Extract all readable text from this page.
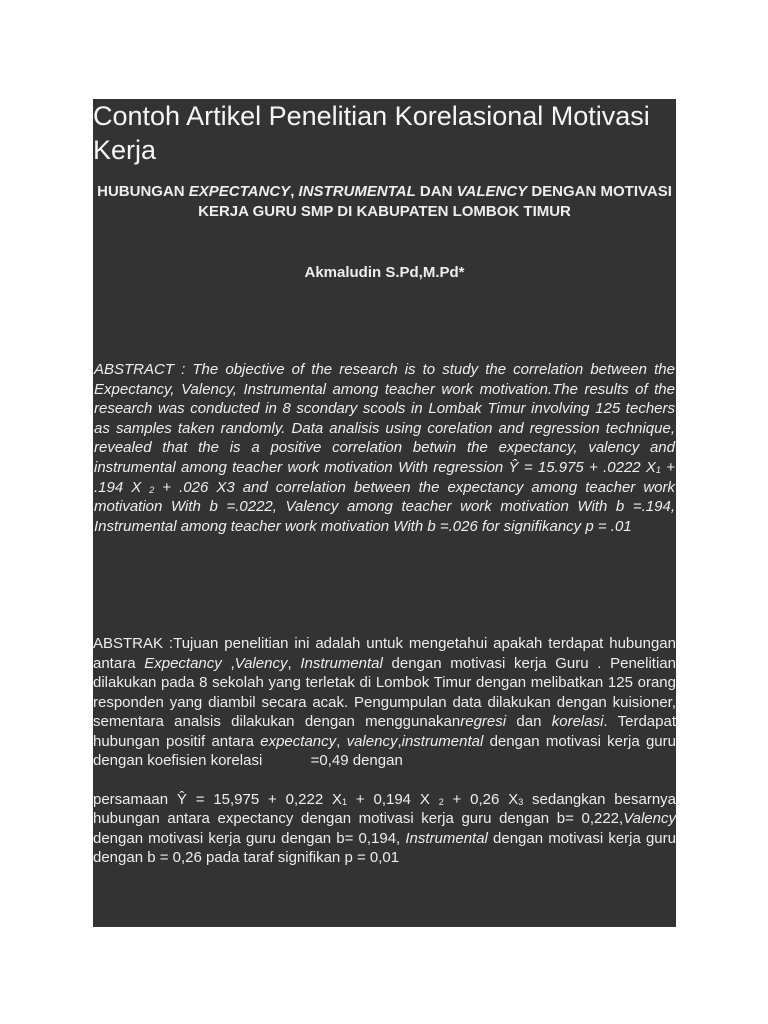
Contoh Artikel Penelitian Korelasional Motivasi Kerja
HUBUNGAN EXPECTANCY, INSTRUMENTAL DAN VALENCY DENGAN MOTIVASI KERJA GURU SMP DI KABUPATEN LOMBOK TIMUR
Akmaludin S.Pd,M.Pd*
ABSTRACT : The objective of the research is to study the correlation between the Expectancy, Valency, Instrumental among teacher work motivation.The results of the research was conducted in 8 scondary scools in Lombak Timur involving 125 techers as samples taken randomly. Data analisis using corelation and regression technique, revealed that the is a positive correlation betwin the expectancy, valency and instrumental among teacher work motivation With regression Ŷ = 15.975 + .0222 $X_1 + .194$ X $_2$ + .026 X3 and correlation between the expectancy among teacher work motivation With b =.0222, Valency among teacher work motivation With b =.194, Instrumental among teacher work motivation With b =.026 for signifikancy p = .01
ABSTRAK :Tujuan penelitian ini adalah untuk mengetahui apakah terdapat hubungan antara Expectancy ,Valency, Instrumental dengan motivasi kerja Guru . Penelitian dilakukan pada 8 sekolah yang terletak di Lombok Timur dengan melibatkan 125 orang responden yang diambil secara acak. Pengumpulan data dilakukan dengan kuisioner, sementara analsis dilakukan dengan menggunakanregresi dan korelasi. Terdapat hubungan positif antara expectancy, valency,instrumental dengan motivasi kerja guru dengan koefisien korelasi	=0,49 dengan
persamaan Ŷ = 15,975 + 0,222 $X_1 + 0,194$ X $_2$ + 0,26 $X_3$ sedangkan besarnya hubungan antara expectancy dengan motivasi kerja guru dengan b= 0,222,Valency dengan motivasi kerja guru dengan b= 0,194, Instrumental dengan motivasi kerja guru dengan b = 0,26 pada taraf signifikan p = 0,01
